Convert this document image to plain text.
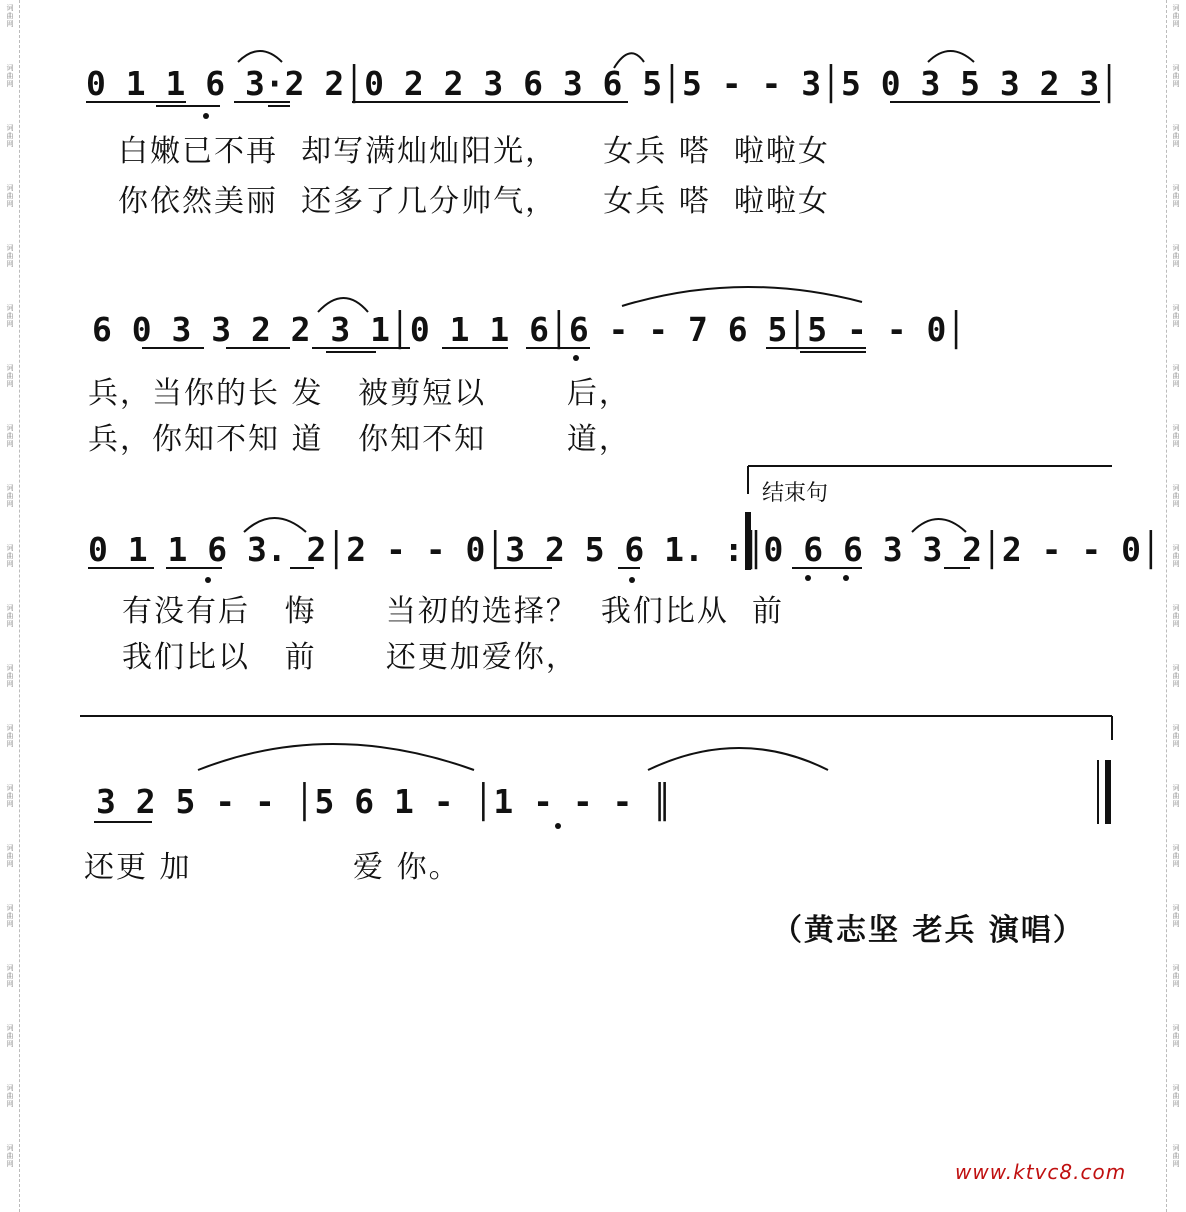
0 1 1 6 3·2 2│0 2 2 3 6 3 6 5│5 - - 3│5 0 3 5 3 2 3│
白嫩已不再  却写满灿灿阳光，    女兵 嗒  啦啦女
你依然美丽  还多了几分帅气，    女兵 嗒  啦啦女
6 0 3 3 2 2 3 1│0 1 1 6│6 - - 7 6 5│5 - - 0│
兵，当你的长 发   被剪短以       后，
兵，你知不知 道   你知不知       道，
结束句
0 1 1 6 3. 2│2 - - 0│3 2 5 6 1. :║0 6 6 3 3 2│2 - - 0│
有没有后   悔      当初的选择？  我们比从  前
我们比以   前      还更加爱你，
3 2 5 - - │5 6 1 - │1 - - - ║
还更 加              爱 你。
（黄志坚 老兵 演唱）
www.ktvc8.com
词
曲
网
词
曲
网
词
曲
网
词
曲
网
词
曲
网
词
曲
网
词
曲
网
词
曲
网
词
曲
网
词
曲
网
词
曲
网
词
曲
网
词
曲
网
词
曲
网
词
曲
网
词
曲
网
词
曲
网
词
曲
网
词
曲
网
词
曲
网
词
曲
网
词
曲
网
词
曲
网
词
曲
网
词
曲
网
词
曲
网
词
曲
网
词
曲
网
词
曲
网
词
曲
网
词
曲
网
词
曲
网
词
曲
网
词
曲
网
词
曲
网
词
曲
网
词
曲
网
词
曲
网
词
曲
网
词
曲
网
